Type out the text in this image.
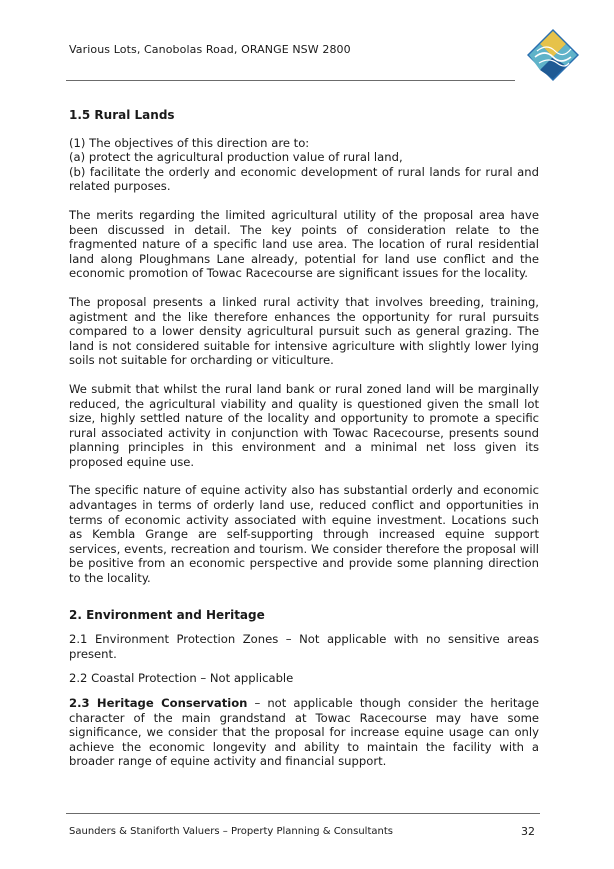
Various Lots, Canobolas Road, ORANGE NSW 2800

1.5 Rural Lands

(1) The objectives of this direction are to:

(a) protect the agricultural production value of rural land,

(b) facilitate the orderly and economic development of rural lands for rural and related purposes.

The merits regarding the limited agricultural utility of the proposal area have been discussed in detail. The key points of consideration relate to the fragmented nature of a specific land use area. The location of rural residential land along Ploughmans Lane already, potential for land use conflict and the economic promotion of Towac Racecourse are significant issues for the locality.

The proposal presents a linked rural activity that involves breeding, training, agistment and the like therefore enhances the opportunity for rural pursuits compared to a lower density agricultural pursuit such as general grazing. The land is not considered suitable for intensive agriculture with slightly lower lying soils not suitable for orcharding or viticulture.

We submit that whilst the rural land bank or rural zoned land will be marginally reduced, the agricultural viability and quality is questioned given the small lot size, highly settled nature of the locality and opportunity to promote a specific rural associated activity in conjunction with Towac Racecourse, presents sound planning principles in this environment and a minimal net loss given its proposed equine use.

The specific nature of equine activity also has substantial orderly and economic advantages in terms of orderly land use, reduced conflict and opportunities in terms of economic activity associated with equine investment. Locations such as Kembla Grange are self-supporting through increased equine support services, events, recreation and tourism. We consider therefore the proposal will be positive from an economic perspective and provide some planning direction to the locality.

2. Environment and Heritage

2.1 Environment Protection Zones – Not applicable with no sensitive areas present.

2.2 Coastal Protection – Not applicable

2.3 Heritage Conservation – not applicable though consider the heritage character of the main grandstand at Towac Racecourse may have some significance, we consider that the proposal for increase equine usage can only achieve the economic longevity and ability to maintain the facility with a broader range of equine activity and financial support.

Saunders & Staniforth Valuers – Property Planning & Consultants	32
